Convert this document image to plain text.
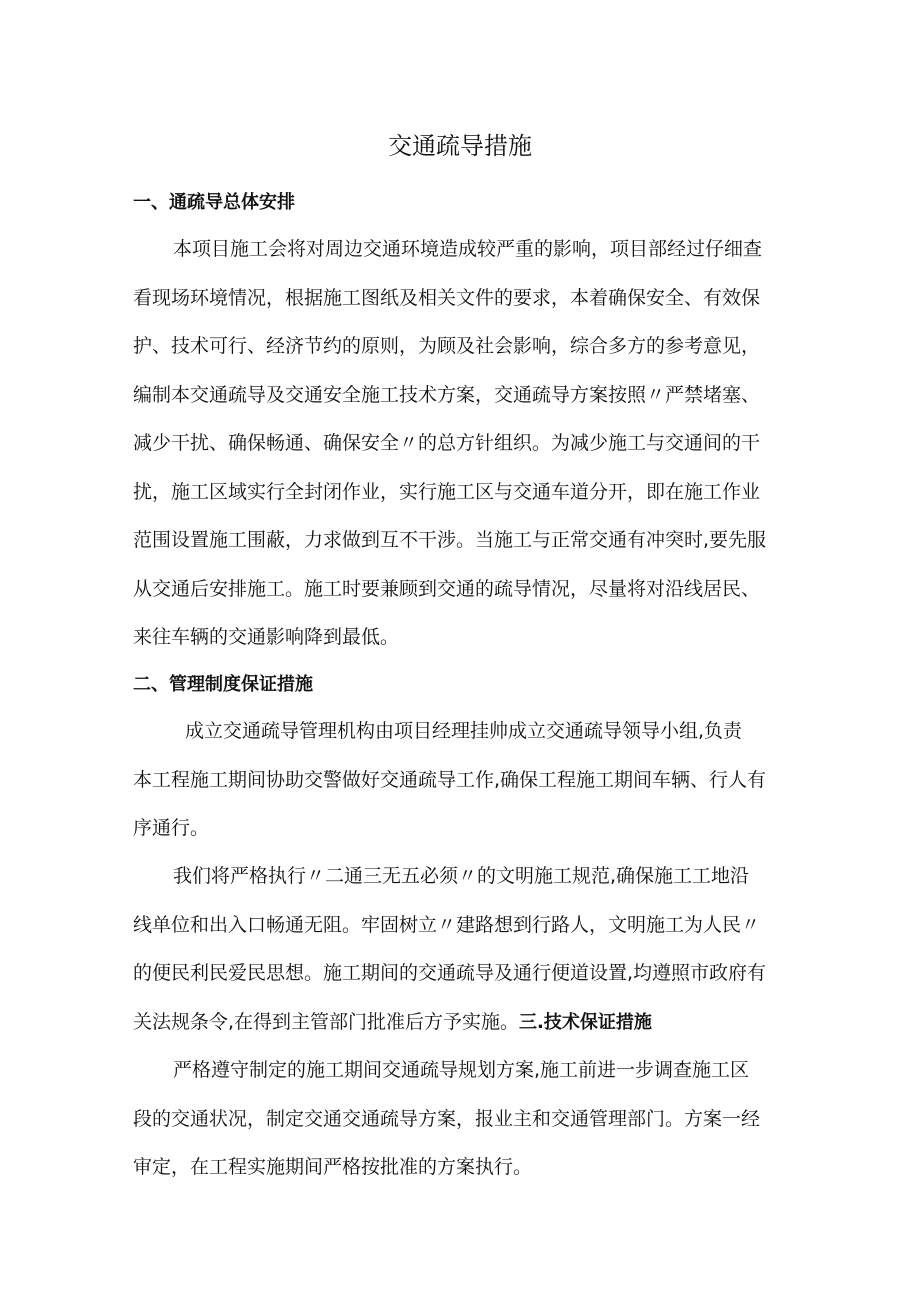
交通疏导措施
一、通疏导总体安排
本项目施工会将对周边交通环境造成较严重的影响，项目部经过仔细查
看现场环境情况，根据施工图纸及相关文件的要求，本着确保安全、有效保
护、技术可行、经济节约的原则，为顾及社会影响，综合多方的参考意见，
编制本交通疏导及交通安全施工技术方案，交通疏导方案按照〃严禁堵塞、
减少干扰、确保畅通、确保安全〃的总方针组织。为减少施工与交通间的干
扰，施工区域实行全封闭作业，实行施工区与交通车道分开，即在施工作业
范围设置施工围蔽，力求做到互不干涉。当施工与正常交通有冲突时,要先服
从交通后安排施工。施工时要兼顾到交通的疏导情况，尽量将对沿线居民、
来往车辆的交通影响降到最低。
二、管理制度保证措施
成立交通疏导管理机构由项目经理挂帅成立交通疏导领导小组,负责
本工程施工期间协助交警做好交通疏导工作,确保工程施工期间车辆、行人有
序通行。
我们将严格执行〃二通三无五必须〃的文明施工规范,确保施工工地沿
线单位和出入口畅通无阻。牢固树立〃建路想到行路人，文明施工为人民〃
的便民利民爱民思想。施工期间的交通疏导及通行便道设置,均遵照市政府有
关法规条令,在得到主管部门批准后方予实施。三.技术保证措施
严格遵守制定的施工期间交通疏导规划方案,施工前进一步调查施工区
段的交通状况，制定交通交通疏导方案，报业主和交通管理部门。方案一经
审定，在工程实施期间严格按批准的方案执行。
